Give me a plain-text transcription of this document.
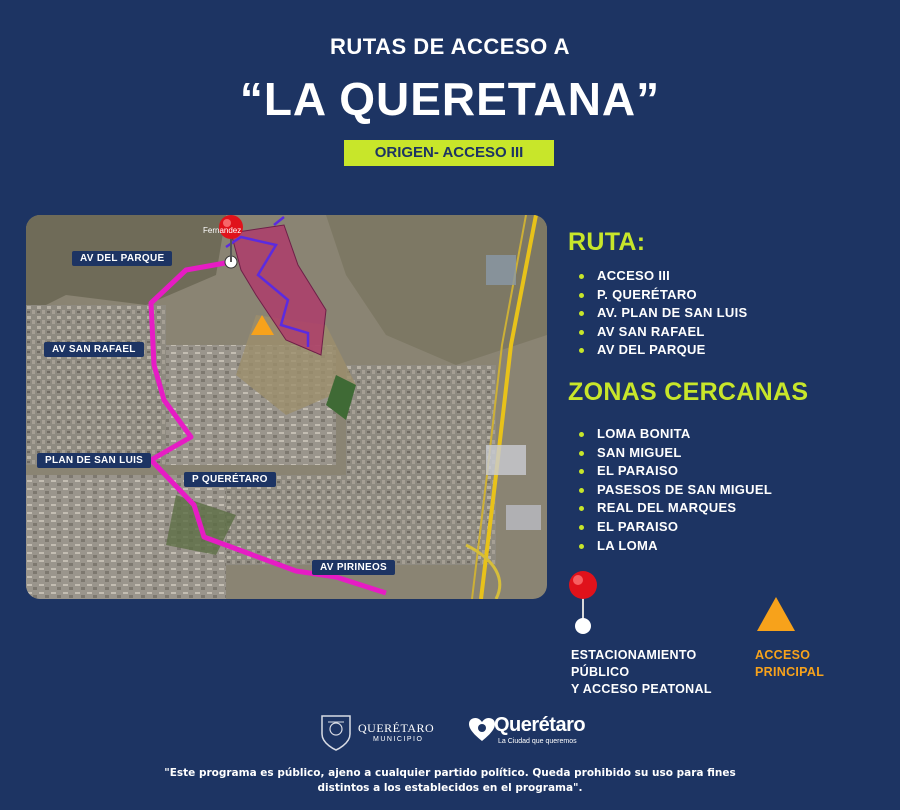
RUTAS DE ACCESO A
“LA QUERETANA”
ORIGEN- ACCESO III
Fernandez
AV DEL PARQUE
AV SAN RAFAEL
PLAN DE SAN LUIS
P QUERÉTARO
AV PIRINEOS
RUTA:
ACCESO III
P. QUERÉTARO
AV. PLAN DE SAN LUIS
AV SAN RAFAEL
AV DEL PARQUE
ZONAS CERCANAS
LOMA BONITA
SAN MIGUEL
EL PARAISO
PASESOS DE SAN MIGUEL
REAL DEL MARQUES
EL PARAISO
LA LOMA
ESTACIONAMIENTO
PÚBLICO
Y ACCESO PEATONAL
ACCESO
PRINCIPAL
QUERÉTARO
MUNICIPIO
Querétaro
La Ciudad que queremos
"Este programa es público, ajeno a cualquier partido político. Queda prohibido su uso para fines
distintos a los establecidos en el programa".
